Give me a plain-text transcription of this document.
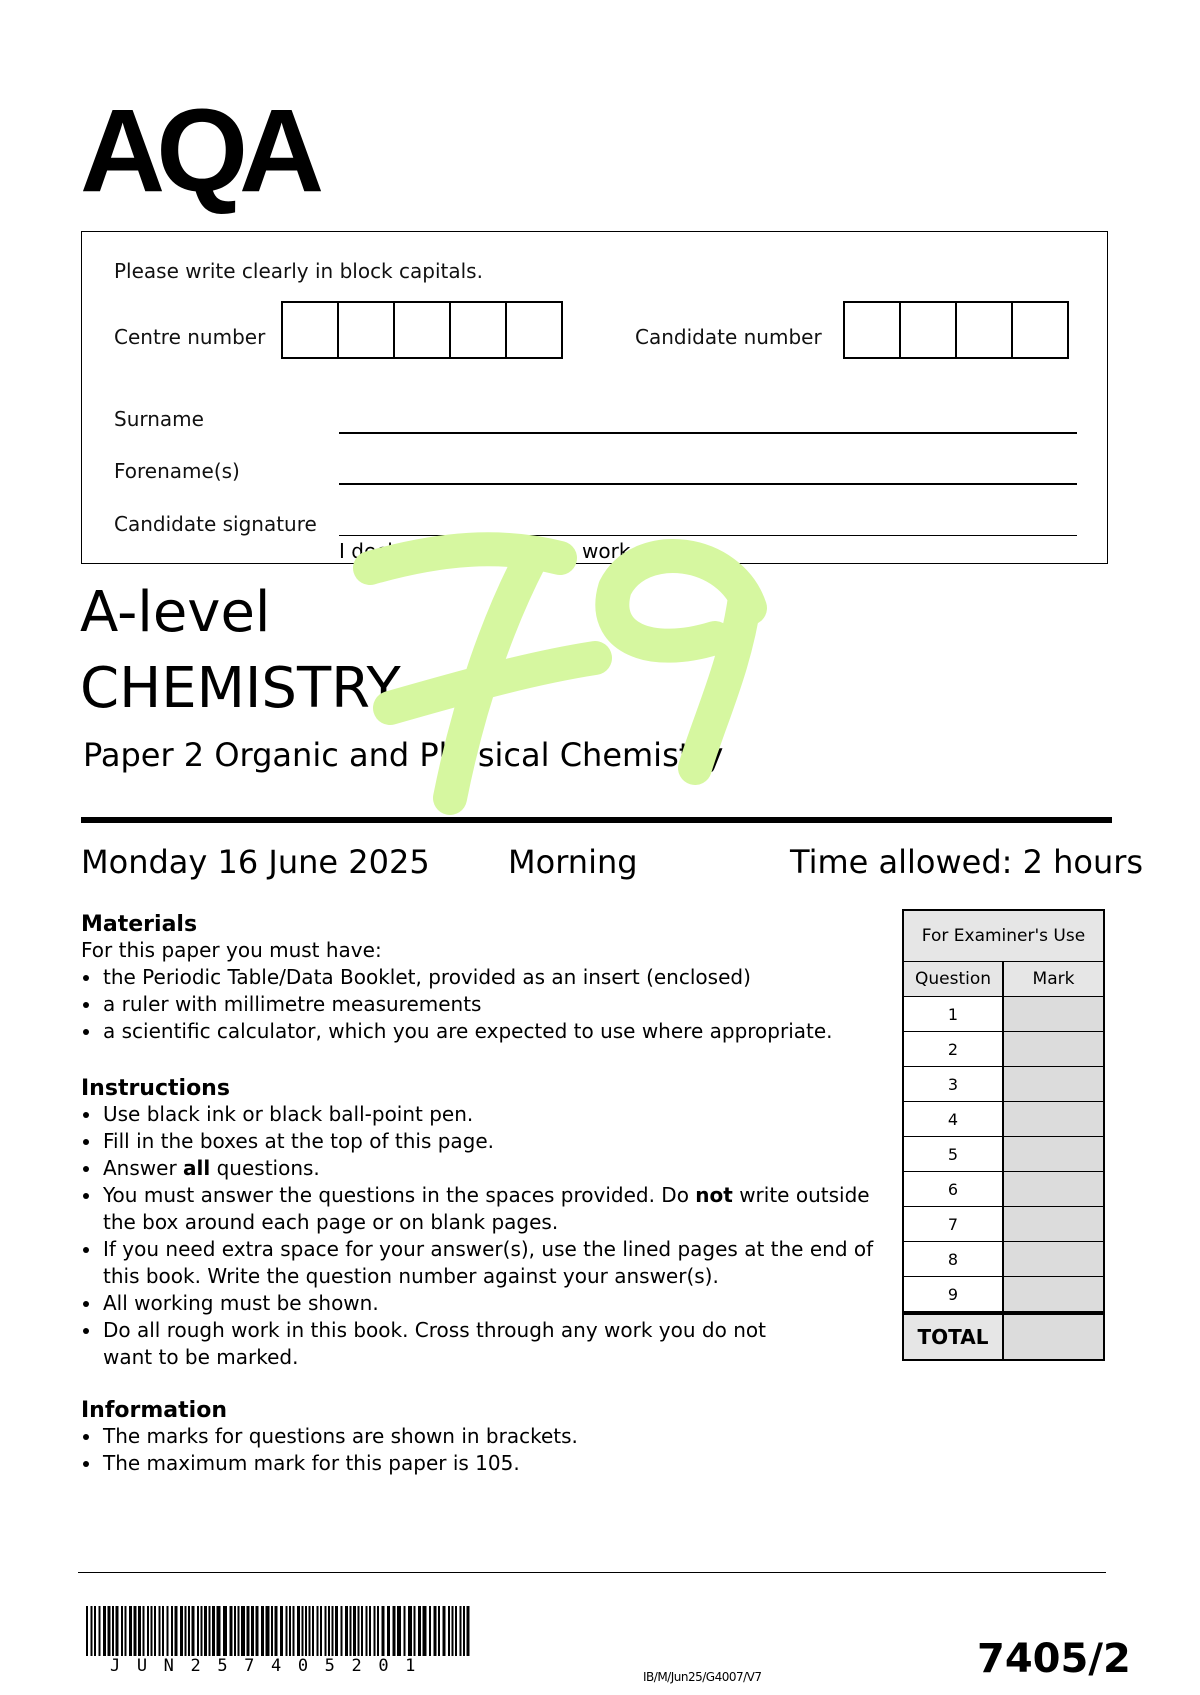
AQA
Please write clearly in block capitals.
Centre number	Candidate number
Surname
Forename(s)
Candidate signature
I declare this is my own work.
A-level
CHEMISTRY
Paper 2 Organic and Physical Chemistry
Monday 16 June 2025 Morning	Time allowed: 2 hours
Materials
For this paper you must have:
the Periodic Table/Data Booklet, provided as an insert (enclosed)
a ruler with millimetre measurements
a scientific calculator, which you are expected to use where appropriate.
Instructions
Use black ink or black ball-point pen.
Fill in the boxes at the top of this page.
Answer all questions.
You must answer the questions in the spaces provided. Do not write outside
the box around each page or on blank pages.
If you need extra space for your answer(s), use the lined pages at the end of
this book. Write the question number against your answer(s).
All working must be shown.
Do all rough work in this book. Cross through any work you do not
want to be marked.
Information
The marks for questions are shown in brackets.
The maximum mark for this paper is 105.
For Examiner's Use
Question	Mark
1
2
3
4
5
6
7
8
9
TOTAL
JUN257405201
IB/M/Jun25/G4007/V7	7405/2
